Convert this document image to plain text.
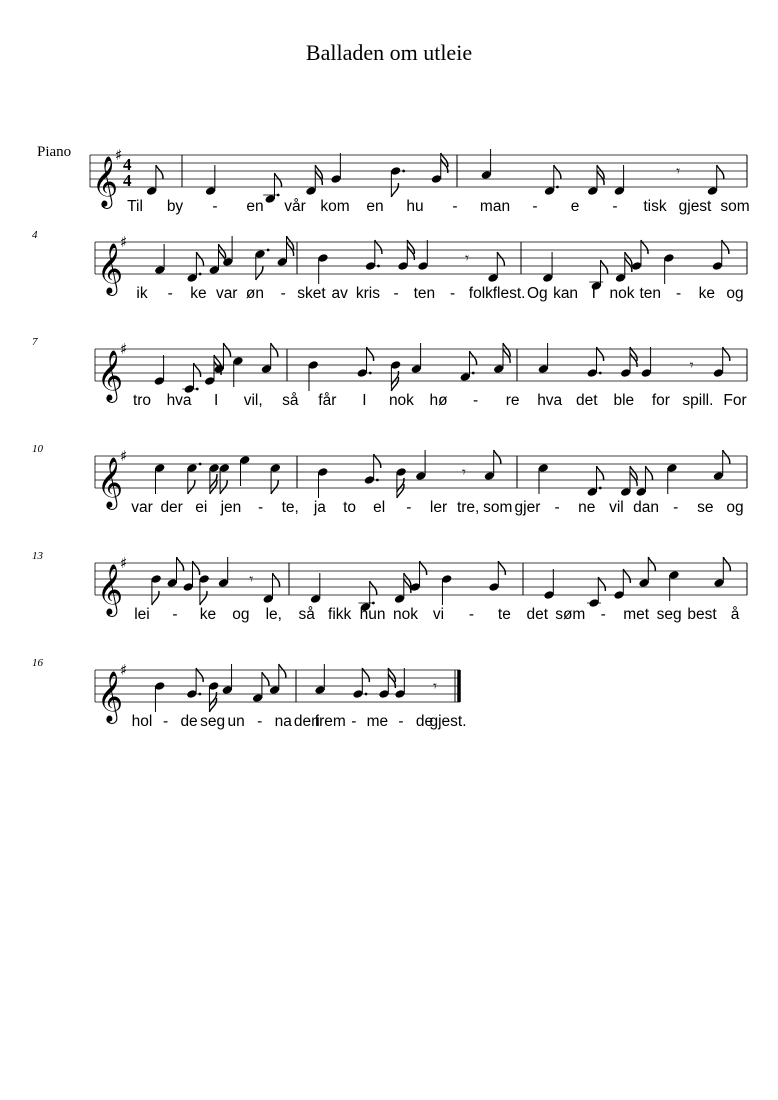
Balladen om utleie
Piano
𝄞
♯ 4
4	𝄾
Til by - en vår kom en hu - man - e - tisk gjest som
𝄞
♯
4
𝄾
ik - ke var øn - sket av kris - ten - folk flest. Og kan I nok ten - ke og
𝄞
♯
7
𝄾
tro hva I vil, så får I nok hø - re hva det ble for spill. For
𝄞
♯
10
𝄾
var der ei jen - te, ja to el - ler tre, som gjer - ne vil dan - se og
𝄞
♯
13
𝄾
lei - ke og le, så fikk hun nok vi - te det søm - met seg best å
𝄞
♯
16
𝄾
hol - de seg un - na den
frem - me - de
gjest.
